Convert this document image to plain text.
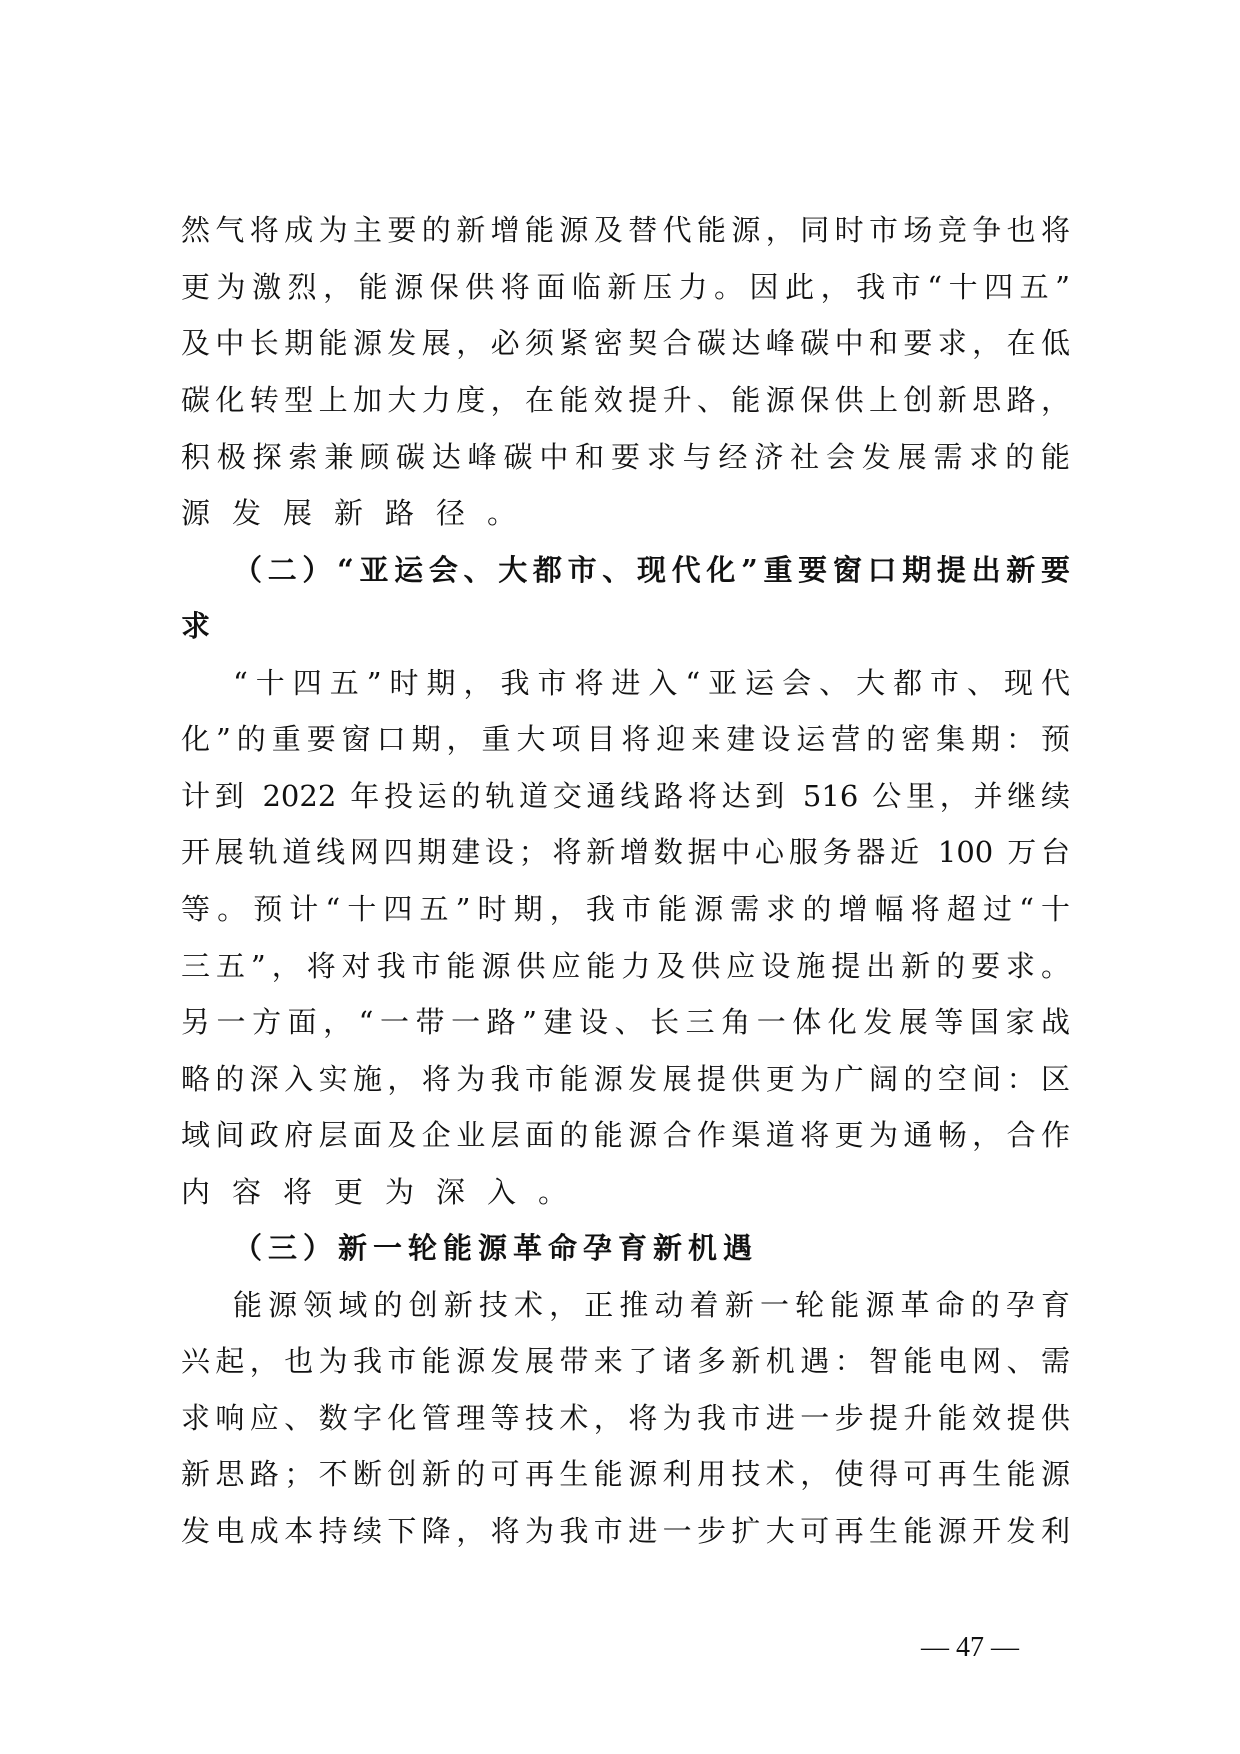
然气将成为主要的新增能源及替代能源，同时市场竞争也将
更为激烈，能源保供将面临新压力。因此，我市“十四五”
及中长期能源发展，必须紧密契合碳达峰碳中和要求，在低
碳化转型上加大力度，在能效提升、能源保供上创新思路，
积极探索兼顾碳达峰碳中和要求与经济社会发展需求的能
源发展新路径。
（二）“亚运会、大都市、现代化”重要窗口期提出新要
求
“十四五”时期，我市将进入“亚运会、大都市、现代
化”的重要窗口期，重大项目将迎来建设运营的密集期：预
计到 2022 年投运的轨道交通线路将达到 516 公里，并继续
开展轨道线网四期建设；将新增数据中心服务器近 100 万台
等。预计“十四五”时期，我市能源需求的增幅将超过“十
三五”，将对我市能源供应能力及供应设施提出新的要求。
另一方面，“一带一路”建设、长三角一体化发展等国家战
略的深入实施，将为我市能源发展提供更为广阔的空间：区
域间政府层面及企业层面的能源合作渠道将更为通畅，合作
内容将更为深入。
（三）新一轮能源革命孕育新机遇
能源领域的创新技术，正推动着新一轮能源革命的孕育
兴起，也为我市能源发展带来了诸多新机遇：智能电网、需
求响应、数字化管理等技术，将为我市进一步提升能效提供
新思路；不断创新的可再生能源利用技术，使得可再生能源
发电成本持续下降，将为我市进一步扩大可再生能源开发利
— 47 —
